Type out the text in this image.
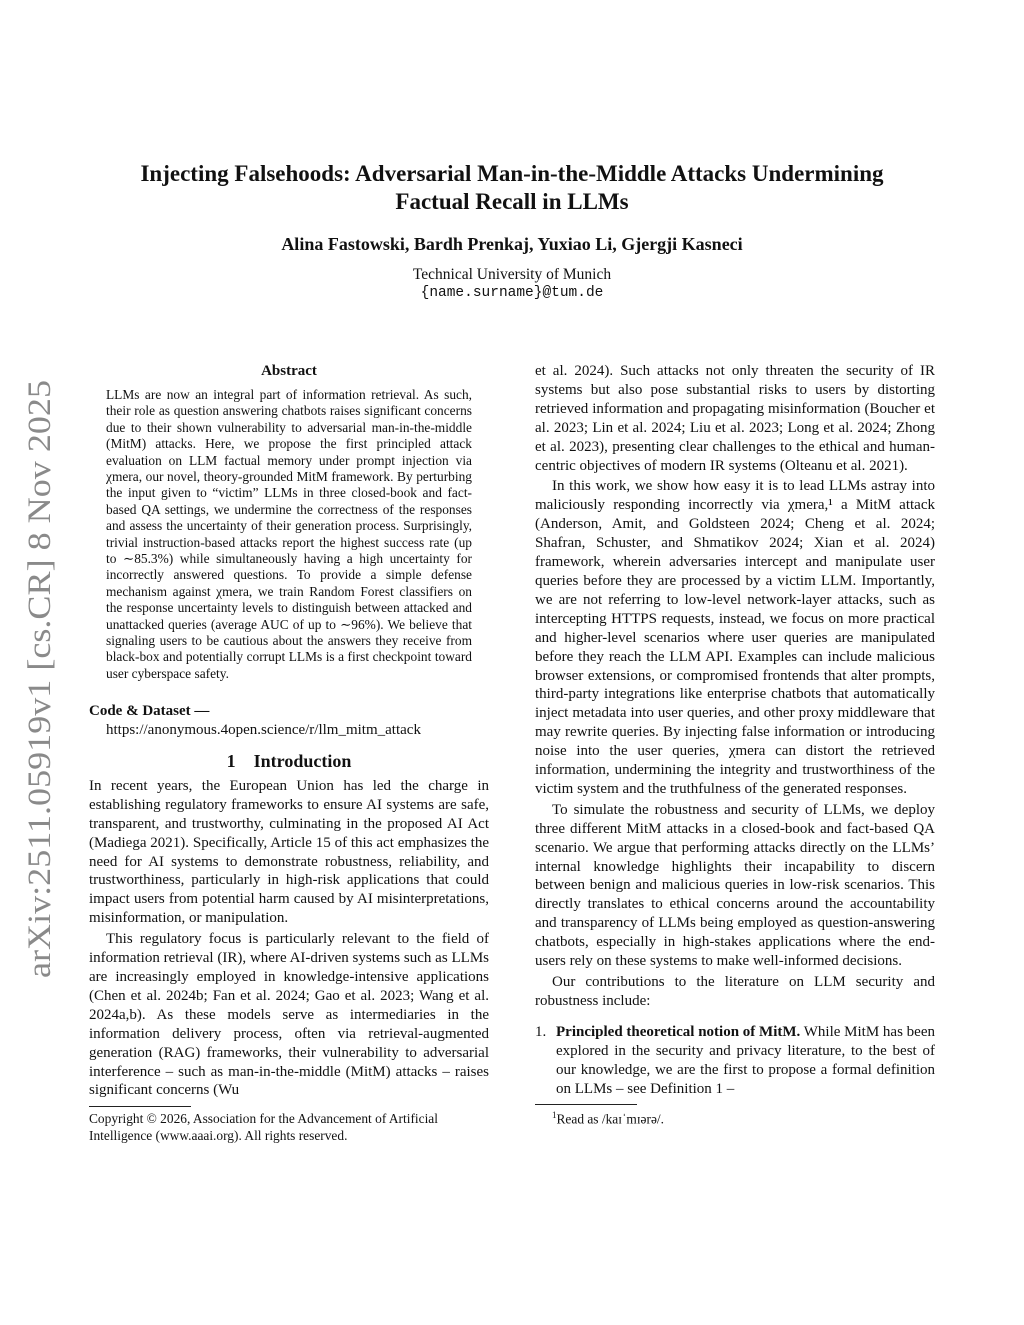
arXiv:2511.05919v1 [cs.CR] 8 Nov 2025
Injecting Falsehoods: Adversarial Man-in-the-Middle Attacks Undermining
Factual Recall in LLMs
Alina Fastowski, Bardh Prenkaj, Yuxiao Li, Gjergji Kasneci
Technical University of Munich
{name.surname}@tum.de
Abstract

LLMs are now an integral part of information retrieval. As such, their role as question answering chatbots raises significant concerns due to their shown vulnerability to adversarial man-in-the-middle (MitM) attacks. Here, we propose the first principled attack evaluation on LLM factual memory under prompt injection via χmera, our novel, theory-grounded MitM framework. By perturbing the input given to “victim” LLMs in three closed-book and fact-based QA settings, we undermine the correctness of the responses and assess the uncertainty of their generation process. Surprisingly, trivial instruction-based attacks report the highest success rate (up to ∼85.3%) while simultaneously having a high uncertainty for incorrectly answered questions. To provide a simple defense mechanism against χmera, we train Random Forest classifiers on the response uncertainty levels to distinguish between attacked and unattacked queries (average AUC of up to ∼96%). We believe that signaling users to be cautious about the answers they receive from black-box and potentially corrupt LLMs is a first checkpoint toward user cyberspace safety.

Code & Dataset —
https://anonymous.4open.science/r/llm_mitm_attack
1 Introduction

In recent years, the European Union has led the charge in establishing regulatory frameworks to ensure AI systems are safe, transparent, and trustworthy, culminating in the proposed AI Act (Madiega 2021). Specifically, Article 15 of this act emphasizes the need for AI systems to demonstrate robustness, reliability, and trustworthiness, particularly in high-risk applications that could impact users from potential harm caused by AI misinterpretations, misinformation, or manipulation.

This regulatory focus is particularly relevant to the field of information retrieval (IR), where AI-driven systems such as LLMs are increasingly employed in knowledge-intensive applications (Chen et al. 2024b; Fan et al. 2024; Gao et al. 2023; Wang et al. 2024a,b). As these models serve as intermediaries in the information delivery process, often via retrieval-augmented generation (RAG) frameworks, their vulnerability to adversarial interference – such as man-in-the-middle (MitM) attacks – raises significant concerns (Wu

Copyright © 2026, Association for the Advancement of Artificial Intelligence (www.aaai.org). All rights reserved.

et al. 2024). Such attacks not only threaten the security of IR systems but also pose substantial risks to users by distorting retrieved information and propagating misinformation (Boucher et al. 2023; Lin et al. 2024; Liu et al. 2023; Long et al. 2024; Zhong et al. 2023), presenting clear challenges to the ethical and human-centric objectives of modern IR systems (Olteanu et al. 2021).

In this work, we show how easy it is to lead LLMs astray into maliciously responding incorrectly via χmera,¹ a MitM attack (Anderson, Amit, and Goldsteen 2024; Cheng et al. 2024; Shafran, Schuster, and Shmatikov 2024; Xian et al. 2024) framework, wherein adversaries intercept and manipulate user queries before they are processed by a victim LLM. Importantly, we are not referring to low-level network-layer attacks, such as intercepting HTTPS requests, instead, we focus on more practical and higher-level scenarios where user queries are manipulated before they reach the LLM API. Examples can include malicious browser extensions, or compromised frontends that alter prompts, third-party integrations like enterprise chatbots that automatically inject metadata into user queries, and other proxy middleware that may rewrite queries. By injecting false information or introducing noise into the user queries, χmera can distort the retrieved information, undermining the integrity and trustworthiness of the victim system and the truthfulness of the generated responses.

To simulate the robustness and security of LLMs, we deploy three different MitM attacks in a closed-book and fact-based QA scenario. We argue that performing attacks directly on the LLMs’ internal knowledge highlights their incapability to discern between benign and malicious queries in low-risk scenarios. This directly translates to ethical concerns around the accountability and transparency of LLMs being employed as question-answering chatbots, especially in high-stakes applications where the end-users rely on these systems to make well-informed decisions.

Our contributions to the literature on LLM security and robustness include:

1. Principled theoretical notion of MitM. While MitM has been explored in the security and privacy literature, to the best of our knowledge, we are the first to propose a formal definition on LLMs – see Definition 1 –
$^1$Read as /kaɪˈmɪərə/.
